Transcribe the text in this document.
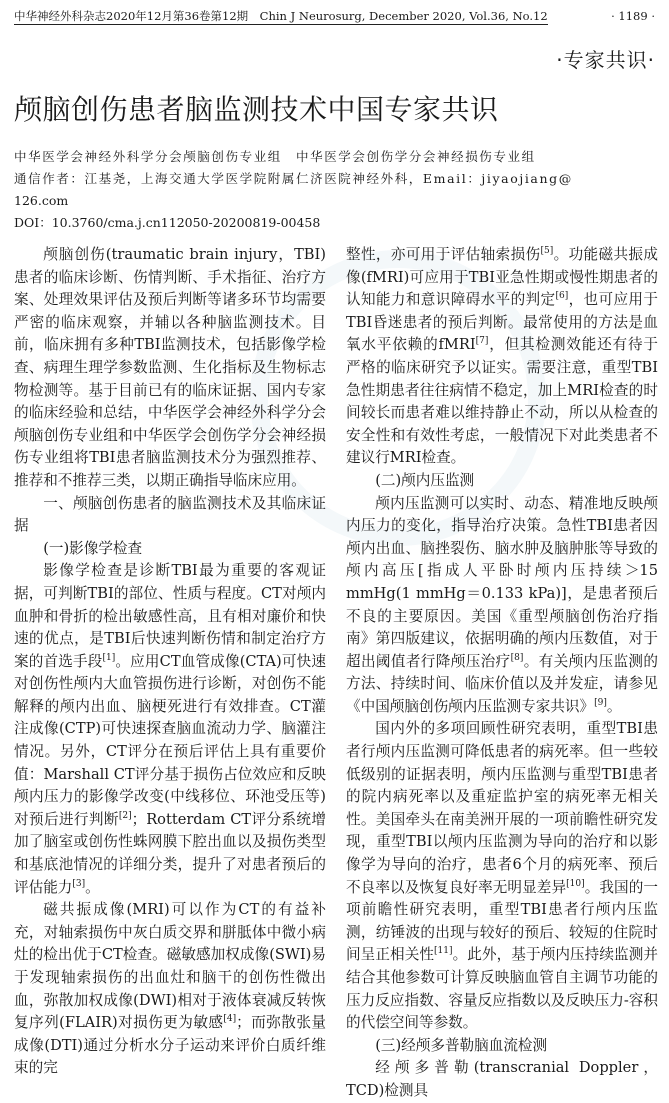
中华神经外科杂志2020年12月第36卷第12期　Chin J Neurosurg, December 2020, Vol.36, No.12	· 1189 ·
·专家共识·
颅脑创伤患者脑监测技术中国专家共识
中华医学会神经外科学分会颅脑创伤专业组　中华医学会创伤学分会神经损伤专业组
通信作者：江基尧，上海交通大学医学院附属仁济医院神经外科，Email：jiyaojiang@
126.com
DOI：10.3760/cma.j.cn112050-20200819-00458

颅脑创伤(traumatic brain injury，TBI)患者的临床诊断、伤情判断、手术指征、治疗方案、处理效果评估及预后判断等诸多环节均需要严密的临床观察，并辅以各种脑监测技术。目前，临床拥有多种TBI监测技术，包括影像学检查、病理生理学参数监测、生化指标及生物标志物检测等。基于目前已有的临床证据、国内专家的临床经验和总结，中华医学会神经外科学分会颅脑创伤专业组和中华医学会创伤学分会神经损伤专业组将TBI患者脑监测技术分为强烈推荐、推荐和不推荐三类，以期正确指导临床应用。

一、颅脑创伤患者的脑监测技术及其临床证据

(一)影像学检查

影像学检查是诊断TBI最为重要的客观证据，可判断TBI的部位、性质与程度。CT对颅内血肿和骨折的检出敏感性高，且有相对廉价和快速的优点，是TBI后快速判断伤情和制定治疗方案的首选手段[1]。应用CT血管成像(CTA)可快速对创伤性颅内大血管损伤进行诊断，对创伤不能解释的颅内出血、脑梗死进行有效排查。CT灌注成像(CTP)可快速探查脑血流动力学、脑灌注情况。另外，CT评分在预后评估上具有重要价值：Marshall CT评分基于损伤占位效应和反映颅内压力的影像学改变(中线移位、环池受压等)对预后进行判断[2]；Rotterdam CT评分系统增加了脑室或创伤性蛛网膜下腔出血以及损伤类型和基底池情况的详细分类，提升了对患者预后的评估能力[3]。

磁共振成像(MRI)可以作为CT的有益补充，对轴索损伤中灰白质交界和胼胝体中微小病灶的检出优于CT检查。磁敏感加权成像(SWI)易于发现轴索损伤的出血灶和脑干的创伤性微出血，弥散加权成像(DWI)相对于液体衰减反转恢复序列(FLAIR)对损伤更为敏感[4]；而弥散张量成像(DTI)通过分析水分子运动来评价白质纤维束的完

整性，亦可用于评估轴索损伤[5]。功能磁共振成像(fMRI)可应用于TBI亚急性期或慢性期患者的认知能力和意识障碍水平的判定[6]，也可应用于TBI昏迷患者的预后判断。最常使用的方法是血氧水平依赖的fMRI[7]，但其检测效能还有待于严格的临床研究予以证实。需要注意，重型TBI急性期患者往往病情不稳定，加上MRI检查的时间较长而患者难以维持静止不动，所以从检查的安全性和有效性考虑，一般情况下对此类患者不建议行MRI检查。

(二)颅内压监测

颅内压监测可以实时、动态、精准地反映颅内压力的变化，指导治疗决策。急性TBI患者因颅内出血、脑挫裂伤、脑水肿及脑肿胀等导致的颅内高压[指成人平卧时颅内压持续＞15 mmHg(1 mmHg＝0.133 kPa)]，是患者预后不良的主要原因。美国《重型颅脑创伤治疗指南》第四版建议，依据明确的颅内压数值，对于超出阈值者行降颅压治疗[8]。有关颅内压监测的方法、持续时间、临床价值以及并发症，请参见《中国颅脑创伤颅内压监测专家共识》[9]。

国内外的多项回顾性研究表明，重型TBI患者行颅内压监测可降低患者的病死率。但一些较低级别的证据表明，颅内压监测与重型TBI患者的院内病死率以及重症监护室的病死率无相关性。美国牵头在南美洲开展的一项前瞻性研究发现，重型TBI以颅内压监测为导向的治疗和以影像学为导向的治疗，患者6个月的病死率、预后不良率以及恢复良好率无明显差异[10]。我国的一项前瞻性研究表明，重型TBI患者行颅内压监测，纺锤波的出现与较好的预后、较短的住院时间呈正相关性[11]。此外，基于颅内压持续监测并结合其他参数可计算反映脑血管自主调节功能的压力反应指数、容量反应指数以及反映压力-容积的代偿空间等参数。

(三)经颅多普勒脑血流检测

经颅多普勒(transcranial Doppler，TCD)检测具
